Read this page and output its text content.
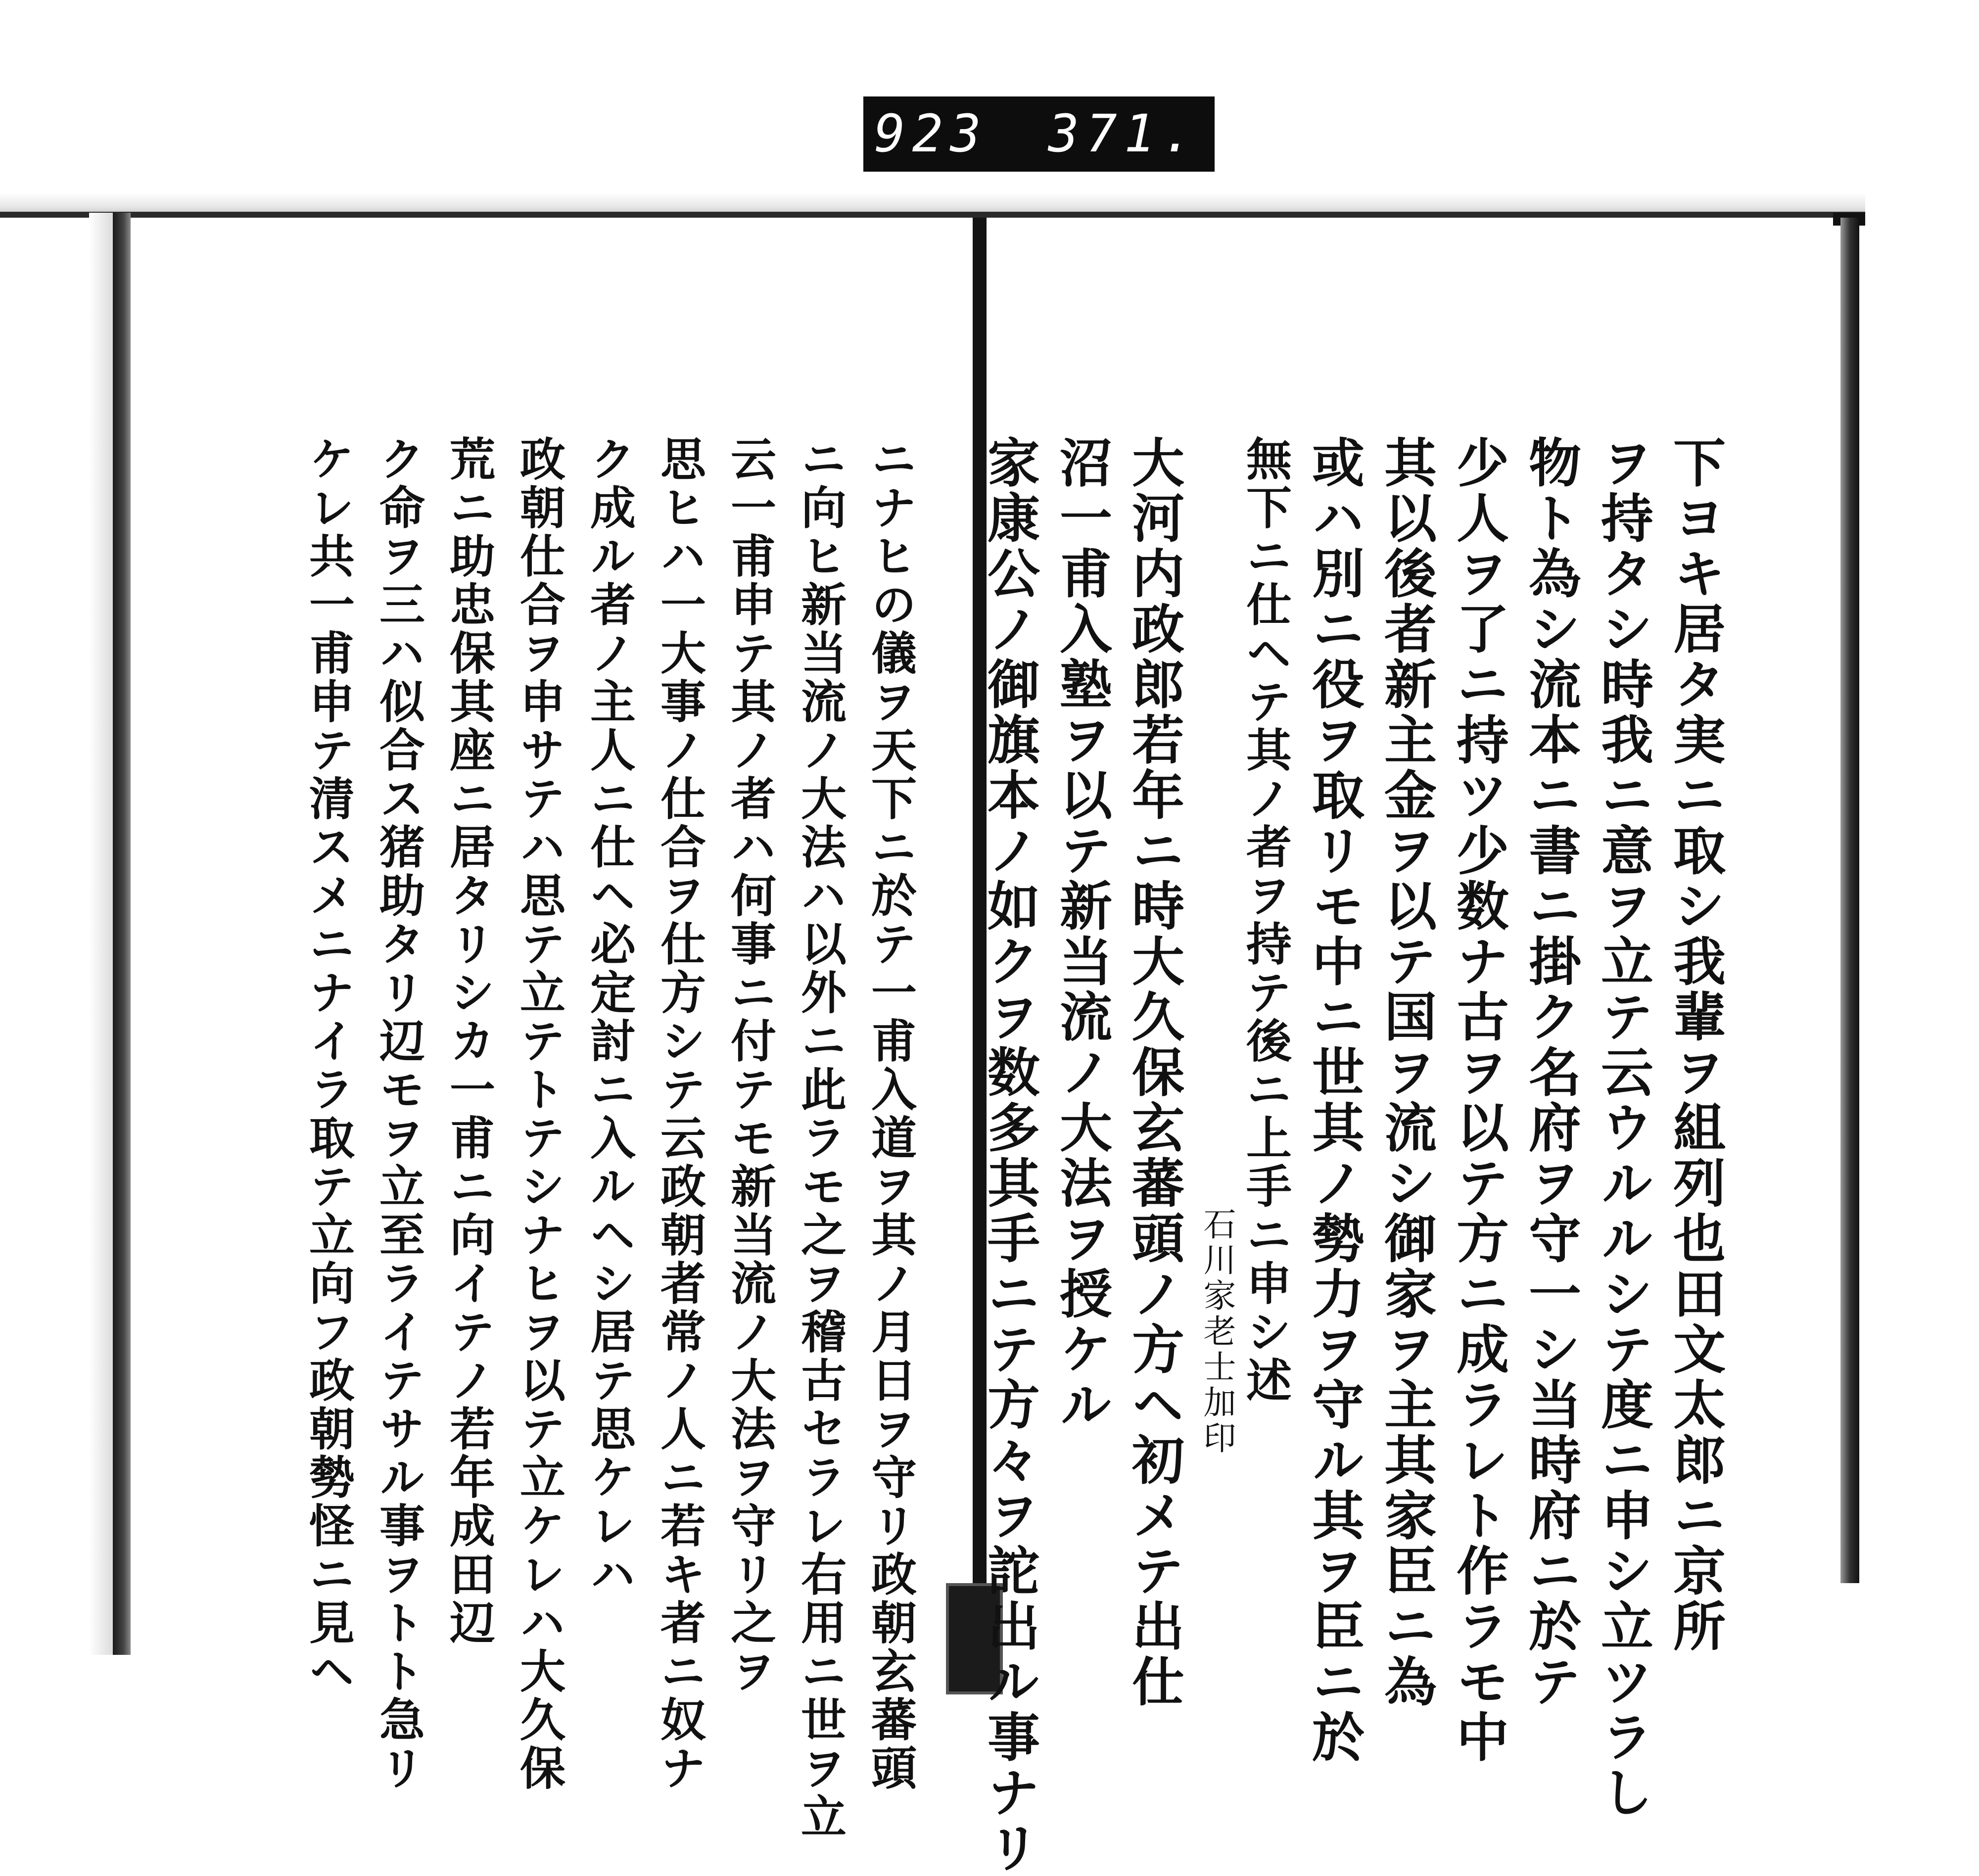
923 371.
下ヨキ居タ実ニ取シ我輩ヲ組列也田文太郎ニ京所
ヲ持タシ時我ニ意ヲ立テ云ウルルシテ度ニ申シ立ツラし
物ト為シ流本ニ書ニ掛ク名府ヲ守一シ当時府ニ於テ
少人ヲ了ニ持ツ少数ナ古ヲ以テ方ニ成ラレト作ラモ中
其以後者新主金ヲ以テ国ヲ流シ御家ヲ主其家臣ニ為
或ハ別ニ役ヲ取リモ中ニ世其ノ勢力ヲ守ル其ヲ臣ニ於
無下ニ仕ヘテ其ノ者ヲ持テ後ニ上手ニ申シ述
石川家老士加印
大河内政郎若年ニ時大久保玄蕃頭ノ方ヘ初メテ出仕
沼一甫入塾ヲ以テ新当流ノ大法ヲ授ケル
家康公ノ御旗本ノ如クヲ数多其手ニテ方々ヲ詑出ル事ナリ
ニナヒの儀ヲ天下ニ於テ一甫入道ヲ其ノ月日ヲ守リ政朝玄蕃頭
ニ向ヒ新当流ノ大法ハ以外ニ此ラモ之ヲ稽古セラレ右用ニ世ヲ立
云一甫申テ其ノ者ハ何事ニ付テモ新当流ノ大法ヲ守リ之ヲ
思ヒハ一大事ノ仕合ヲ仕方シテ云政朝者常ノ人ニ若キ者ニ奴ナ
ク成ル者ノ主人ニ仕ヘ必定討ニ入ルヘシ居テ思ケレハ
政朝仕合ヲ申サテハ思テ立テトテシナヒヲ以テ立ケレハ大久保
荒ニ助忠保其座ニ居タリシカ一甫ニ向イテノ若年成田辺
ク命ヲ三ハ似合ス猪助タリ辺モヲ立至ライテサル事ヲトト急リ
ケレ共一甫申テ清スメニナイラ取テ立向フ政朝勢怪ニ見ヘ
